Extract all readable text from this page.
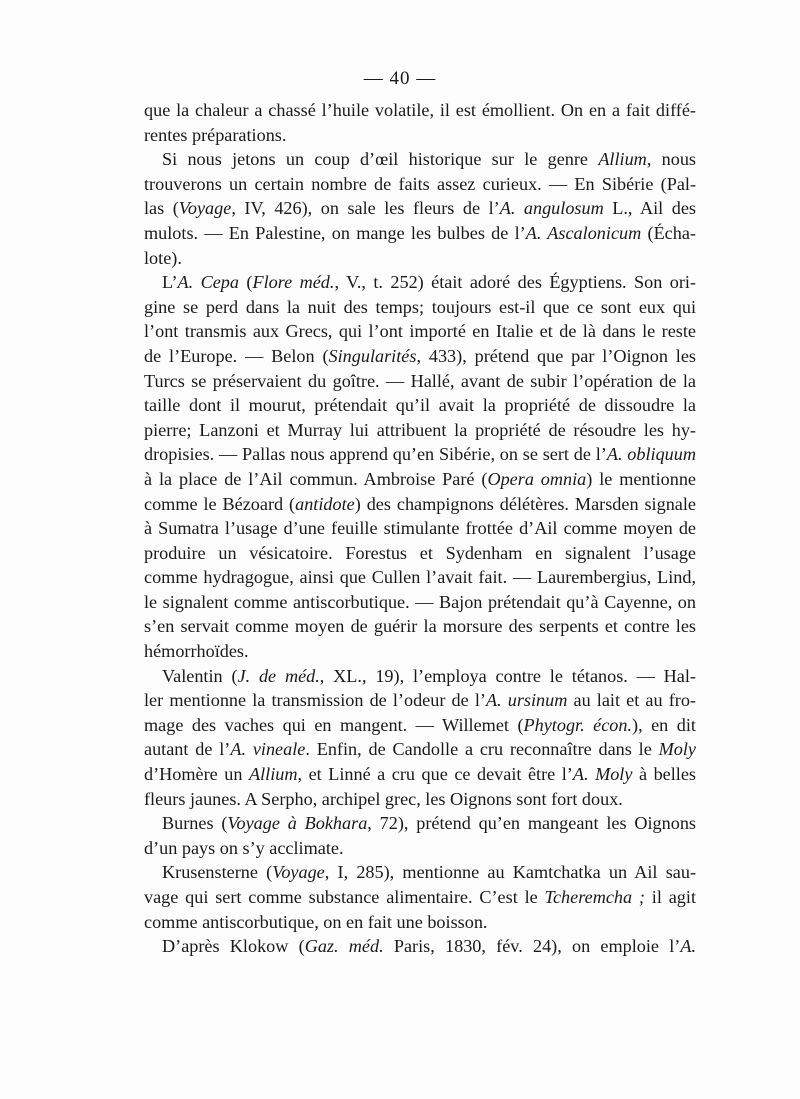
— 40 —
que la chaleur a chassé l’huile volatile, il est émollient. On en a fait diffé-
rentes préparations.
Si nous jetons un coup d’œil historique sur le genre Allium, nous
trouverons un certain nombre de faits assez curieux. — En Sibérie (Pal-
las (Voyage, IV, 426), on sale les fleurs de l’A. angulosum L., Ail des
mulots. — En Palestine, on mange les bulbes de l’A. Ascalonicum (Écha-
lote).
L’A. Cepa (Flore méd., V., t. 252) était adoré des Égyptiens. Son ori-
gine se perd dans la nuit des temps; toujours est-il que ce sont eux qui
l’ont transmis aux Grecs, qui l’ont importé en Italie et de là dans le reste
de l’Europe. — Belon (Singularités, 433), prétend que par l’Oignon les
Turcs se préservaient du goître. — Hallé, avant de subir l’opération de la
taille dont il mourut, prétendait qu’il avait la propriété de dissoudre la
pierre; Lanzoni et Murray lui attribuent la propriété de résoudre les hy-
dropisies. — Pallas nous apprend qu’en Sibérie, on se sert de l’A. obliquum
à la place de l’Ail commun. Ambroise Paré (Opera omnia) le mentionne
comme le Bézoard (antidote) des champignons délétères. Marsden signale
à Sumatra l’usage d’une feuille stimulante frottée d’Ail comme moyen de
produire un vésicatoire. Forestus et Sydenham en signalent l’usage
comme hydragogue, ainsi que Cullen l’avait fait. — Laurembergius, Lind,
le signalent comme antiscorbutique. — Bajon prétendait qu’à Cayenne, on
s’en servait comme moyen de guérir la morsure des serpents et contre les
hémorrhoïdes.
Valentin (J. de méd., XL., 19), l’employa contre le tétanos. — Hal-
ler mentionne la transmission de l’odeur de l’A. ursinum au lait et au fro-
mage des vaches qui en mangent. — Willemet (Phytogr. écon.), en dit
autant de l’A. vineale. Enfin, de Candolle a cru reconnaître dans le Moly
d’Homère un Allium, et Linné a cru que ce devait être l’A. Moly à belles
fleurs jaunes. A Serpho, archipel grec, les Oignons sont fort doux.
Burnes (Voyage à Bokhara, 72), prétend qu’en mangeant les Oignons
d’un pays on s’y acclimate.
Krusensterne (Voyage, I, 285), mentionne au Kamtchatka un Ail sau-
vage qui sert comme substance alimentaire. C’est le Tcheremcha ; il agit
comme antiscorbutique, on en fait une boisson.
D’après Klokow (Gaz. méd. Paris, 1830, fév. 24), on emploie l’A.
